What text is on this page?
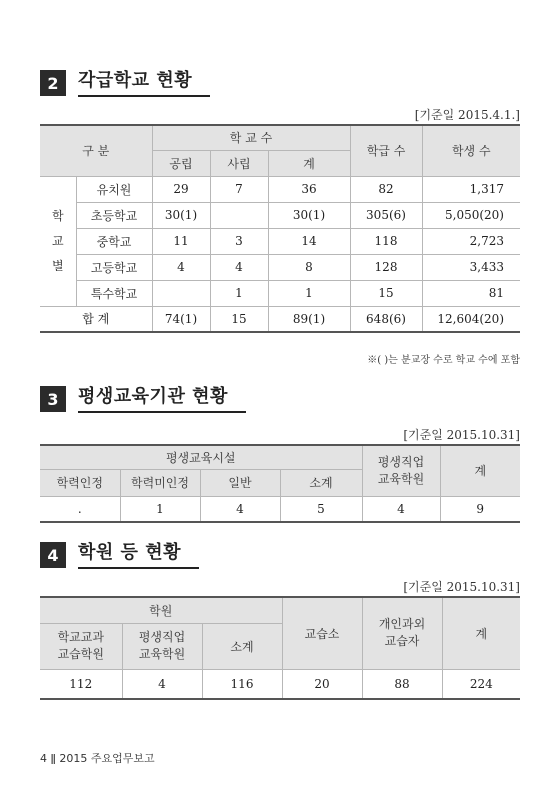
2	각급학교 현황
[기준일 2015.4.1.]
구 분		학 교 수			학급 수	학생 수
		공립	사립	계		

학
교
별	유치원	29	7	36	82	1,317
	초등학교	30(1)		30(1)	305(6)	5,050(20)
	중학교	11	3	14	118	2,723
	고등학교	4	4	8	128	3,433
	특수학교		1	1	15	81
합 계		74(1)	15	89(1)	648(6)	12,604(20)
※( )는 분교장 수로 학교 수에 포함
3	평생교육기관 현황
[기준일 2015.10.31]
평생교육시설				평생직업 교육학원	계
학력인정	학력미인정	일반	소계		
.	1	4	5	4	9
4	학원 등 현황
[기준일 2015.10.31]
학원			교습소	개인과외 교습자	계
학교교과 교습학원	평생직업 교육학원	소계			
112	4	116	20	88	224
4 ǁ 2015 주요업무보고
